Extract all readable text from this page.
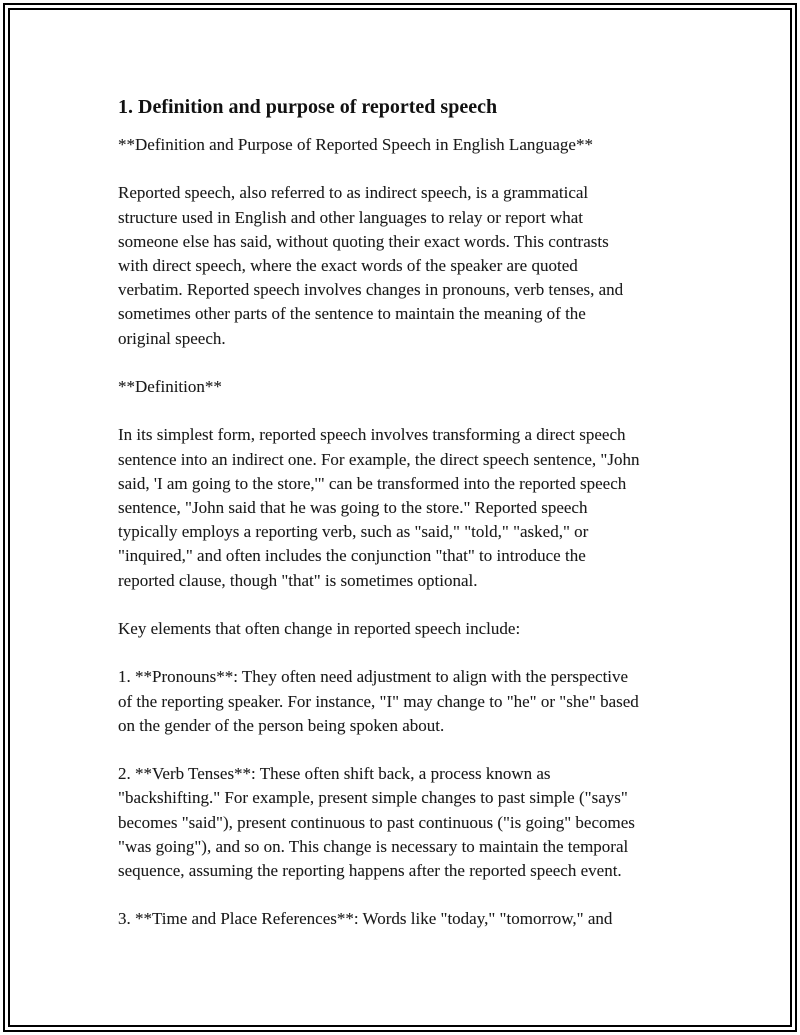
1. Definition and purpose of reported speech

**Definition and Purpose of Reported Speech in English Language**

Reported speech, also referred to as indirect speech, is a grammatical
structure used in English and other languages to relay or report what
someone else has said, without quoting their exact words. This contrasts
with direct speech, where the exact words of the speaker are quoted
verbatim. Reported speech involves changes in pronouns, verb tenses, and
sometimes other parts of the sentence to maintain the meaning of the
original speech.

**Definition**

In its simplest form, reported speech involves transforming a direct speech
sentence into an indirect one. For example, the direct speech sentence, "John
said, 'I am going to the store,'" can be transformed into the reported speech
sentence, "John said that he was going to the store." Reported speech
typically employs a reporting verb, such as "said," "told," "asked," or
"inquired," and often includes the conjunction "that" to introduce the
reported clause, though "that" is sometimes optional.

Key elements that often change in reported speech include:

1. **Pronouns**: They often need adjustment to align with the perspective
of the reporting speaker. For instance, "I" may change to "he" or "she" based
on the gender of the person being spoken about.

2. **Verb Tenses**: These often shift back, a process known as
"backshifting." For example, present simple changes to past simple ("says"
becomes "said"), present continuous to past continuous ("is going" becomes
"was going"), and so on. This change is necessary to maintain the temporal
sequence, assuming the reporting happens after the reported speech event.

3. **Time and Place References**: Words like "today," "tomorrow," and
